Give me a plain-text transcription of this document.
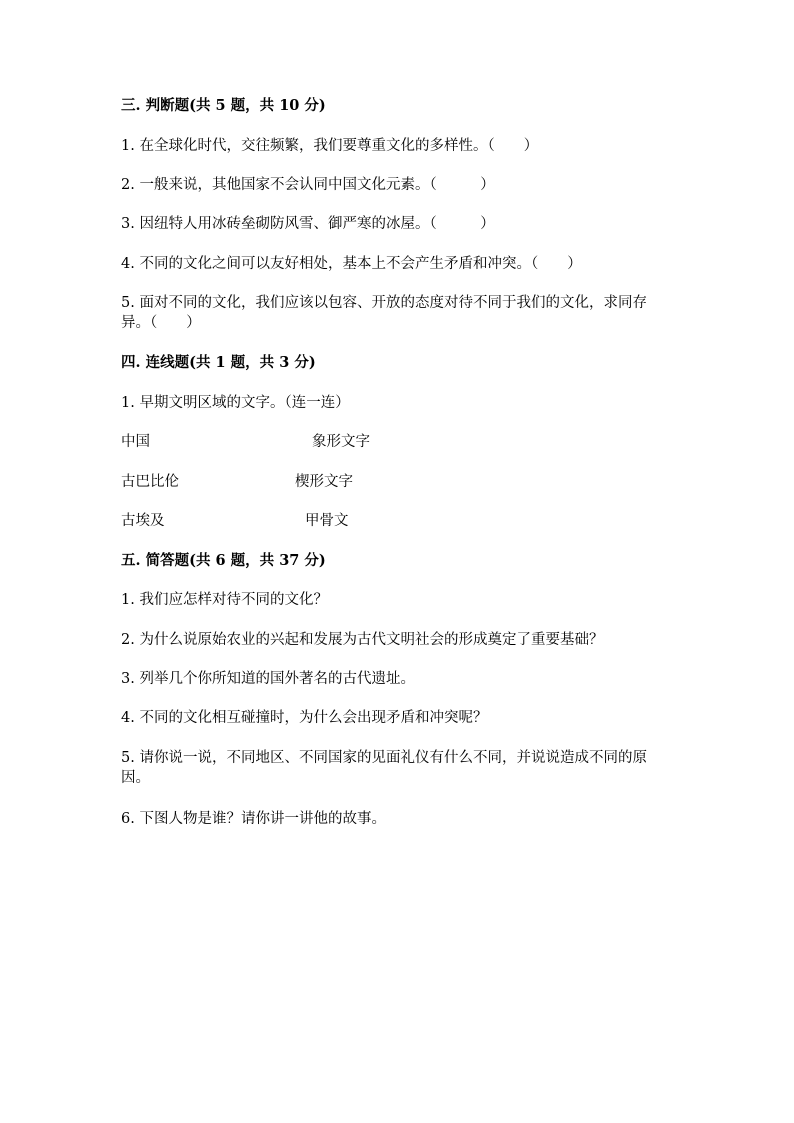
三. 判断题(共 5 题，共 10 分)
1. 在全球化时代，交往频繁，我们要尊重文化的多样性。（　　）
2. 一般来说，其他国家不会认同中国文化元素。（　　　）
3. 因纽特人用冰砖垒砌防风雪、御严寒的冰屋。（　　　）
4. 不同的文化之间可以友好相处，基本上不会产生矛盾和冲突。（　　）
5. 面对不同的文化，我们应该以包容、开放的态度对待不同于我们的文化，求同存异。（　　）
四. 连线题(共 1 题，共 3 分)
1. 早期文明区域的文字。（连一连）
中国	象形文字
古巴比伦	楔形文字
古埃及	甲骨文
五. 简答题(共 6 题，共 37 分)
1. 我们应怎样对待不同的文化？
2. 为什么说原始农业的兴起和发展为古代文明社会的形成奠定了重要基础？
3. 列举几个你所知道的国外著名的古代遗址。
4. 不同的文化相互碰撞时，为什么会出现矛盾和冲突呢？
5. 请你说一说，不同地区、不同国家的见面礼仪有什么不同，并说说造成不同的原因。
6. 下图人物是谁？请你讲一讲他的故事。
